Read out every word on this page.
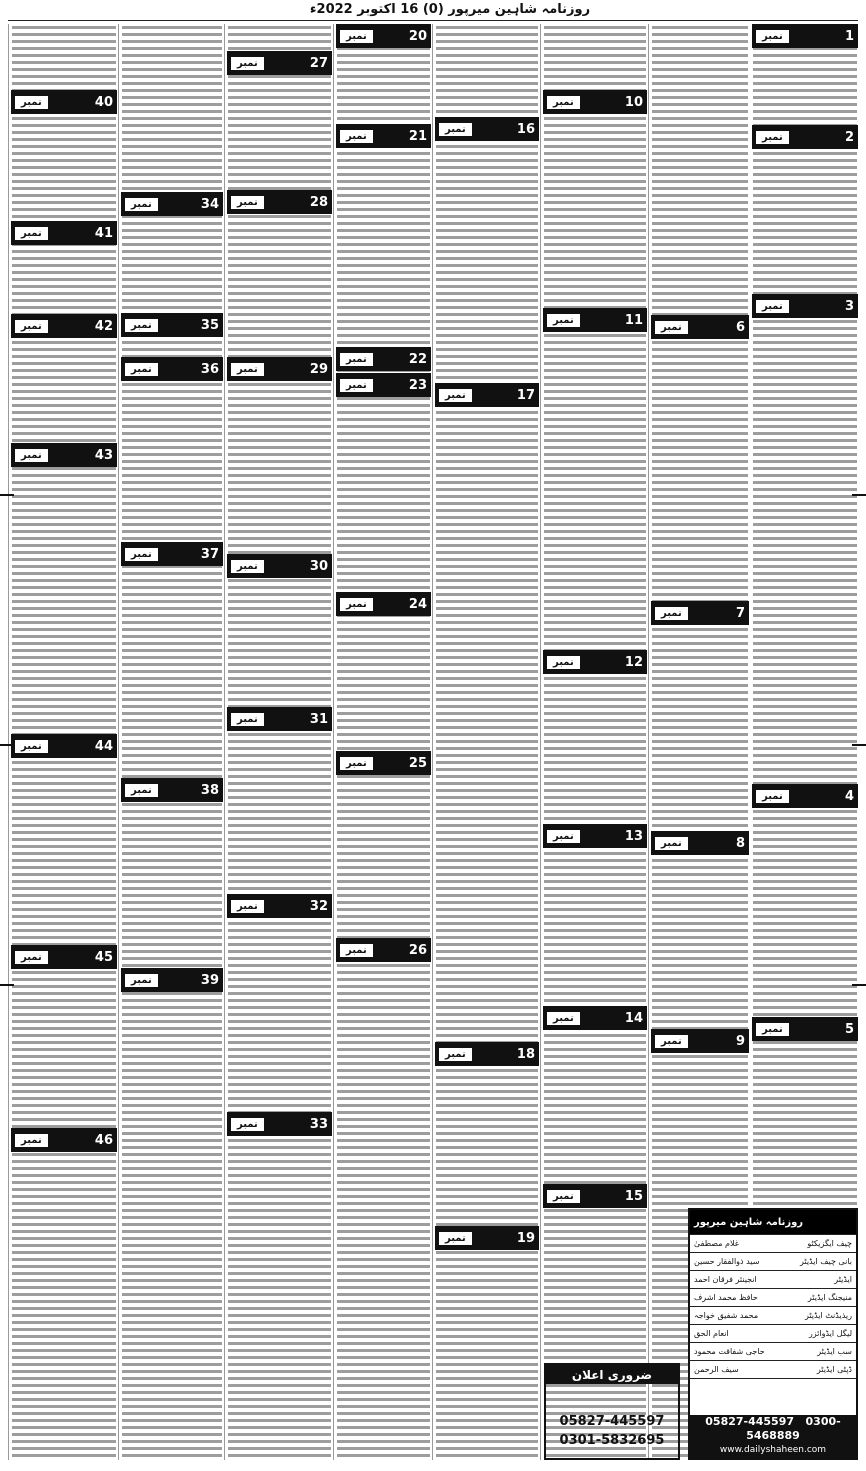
روزنامہ شاہین میرپور (0) 16 اکتوبر 2022ء
نمبر	1
نمبر	2
نمبر	3
نمبر	4
نمبر	5
نمبر	6
نمبر	7
نمبر	8
نمبر	9
نمبر	10
نمبر	11
نمبر	12
نمبر	13
نمبر	14
نمبر	15
نمبر	16
نمبر	17
نمبر	18
نمبر	19
نمبر	20
نمبر	21
نمبر	22
نمبر	23
نمبر	24
نمبر	25
نمبر	26
نمبر	27
نمبر	28
نمبر	29
نمبر	30
نمبر	31
نمبر	32
نمبر	33
نمبر	34
نمبر	35
نمبر	36
نمبر	37
نمبر	38
نمبر	39
نمبر	40
نمبر	41
نمبر	42
نمبر	43
نمبر	44
نمبر	45
نمبر	46
ضروری اعلان
05827-445597
0301-5832695
روزنامہ شاہین میرپور
غلام مصطفیٰ	چیف ایگزیکٹو
سید ذوالفقار حسین	بانی چیف ایڈیٹر
انجینئر فرقان احمد	ایڈیٹر
حافظ محمد اشرف	منیجنگ ایڈیٹر
محمد شفیق خواجہ	ریذیڈنٹ ایڈیٹر
انعام الحق	لیگل ایڈوائزر
حاجی شفاقت محمود	سب ایڈیٹر
سیف الرحمن	ڈپٹی ایڈیٹر
05827-445597 0300-5468889
www.dailyshaheen.com
Email: dailyshaheen@yahoo.com
